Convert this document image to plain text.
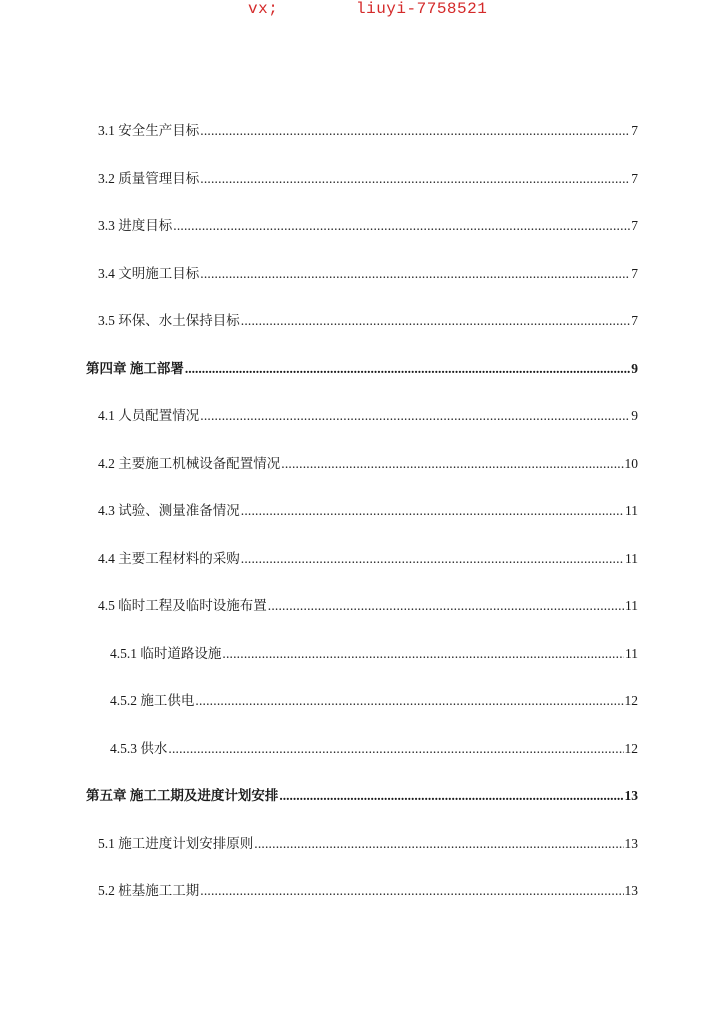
vx;	liuyi-7758521
3.1 安全生产目标 .....	7
3.2 质量管理目标 .....	7
3.3 进度目标 .....	7
3.4 文明施工目标 .....	7
3.5 环保、水土保持目标 .....	7
第四章 施工部署 .....	9
4.1 人员配置情况 .....	9
4.2 主要施工机械设备配置情况 .....	10
4.3 试验、测量准备情况 .....	11
4.4 主要工程材料的采购 .....	11
4.5 临时工程及临时设施布置 .....	11
4.5.1 临时道路设施 .....	11
4.5.2 施工供电 .....	12
4.5.3 供水 .....	12
第五章 施工工期及进度计划安排 .....	13
5.1 施工进度计划安排原则 .....	13
5.2 桩基施工工期 .....	13
